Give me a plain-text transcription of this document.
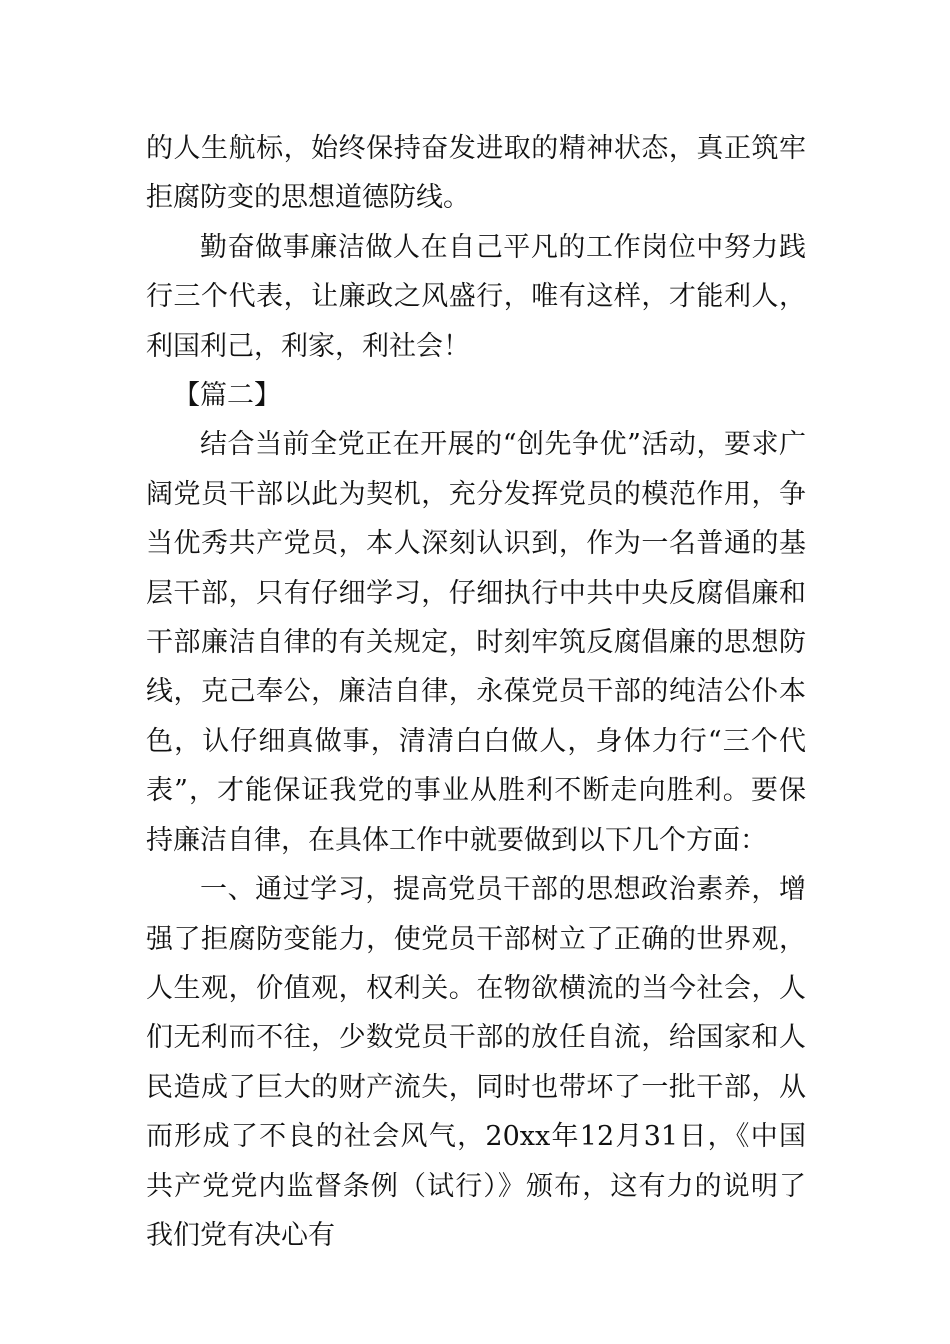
的人生航标，始终保持奋发进取的精神状态，真正筑牢拒腐防变的思想道德防线。

勤奋做事廉洁做人在自己平凡的工作岗位中努力践行三个代表，让廉政之风盛行，唯有这样，才能利人，利国利己，利家，利社会！

【篇二】

结合当前全党正在开展的“创先争优”活动，要求广阔党员干部以此为契机，充分发挥党员的模范作用，争当优秀共产党员，本人深刻认识到，作为一名普通的基层干部，只有仔细学习，仔细执行中共中央反腐倡廉和干部廉洁自律的有关规定，时刻牢筑反腐倡廉的思想防线，克己奉公，廉洁自律，永葆党员干部的纯洁公仆本色，认仔细真做事，清清白白做人，身体力行“三个代表”，才能保证我党的事业从胜利不断走向胜利。要保持廉洁自律，在具体工作中就要做到以下几个方面：

一、通过学习，提高党员干部的思想政治素养，增强了拒腐防变能力，使党员干部树立了正确的世界观，人生观，价值观，权利关。在物欲横流的当今社会，人们无利而不往，少数党员干部的放任自流，给国家和人民造成了巨大的财产流失，同时也带坏了一批干部，从而形成了不良的社会风气，20xx年12月31日，《中国共产党党内监督条例（试行）》颁布，这有力的说明了我们党有决心有
